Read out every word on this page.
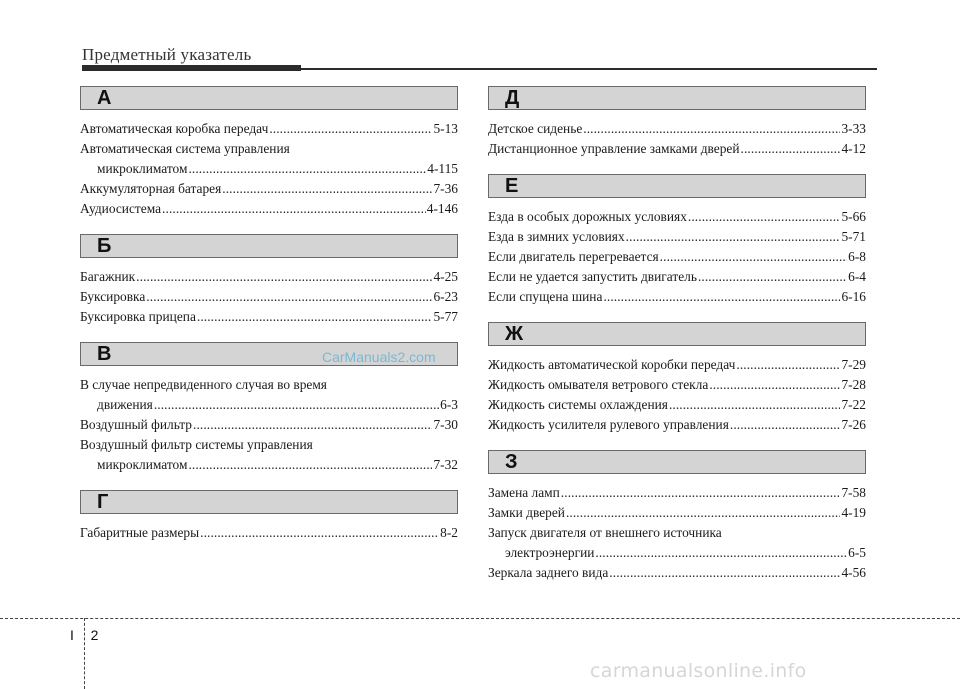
Предметный указатель
А
Автоматическая коробка передач .....	5-13
Автоматическая система управления
микроклиматом .....	4-115
Аккумуляторная батарея .....	7-36
Аудиосистема .....	4-146
Б
Багажник .....	4-25
Буксировка .....	6-23
Буксировка прицепа .....	5-77
В
В случае непредвиденного случая во время
движения .....	6-3
Воздушный фильтр .....	7-30
Воздушный фильтр системы управления
микроклиматом .....	7-32
Г
Габаритные размеры .....	8-2
Д
Детское сиденье .....	3-33
Дистанционное управление замками дверей .....	4-12
Е
Езда в особых дорожных условиях .....	5-66
Езда в зимних условиях .....	5-71
Если двигатель перегревается .....	6-8
Если не удается запустить двигатель .....	6-4
Если спущена шина .....	6-16
Ж
Жидкость автоматической коробки передач .....	7-29
Жидкость омывателя ветрового стекла .....	7-28
Жидкость системы охлаждения .....	7-22
Жидкость усилителя рулевого управления .....	7-26
З
Замена ламп .....	7-58
Замки дверей .....	4-19
Запуск двигателя от внешнего источника
электроэнергии .....	6-5
Зеркала заднего вида .....	4-56
CarManuals2.com
I 2
carmanualsonline.info
